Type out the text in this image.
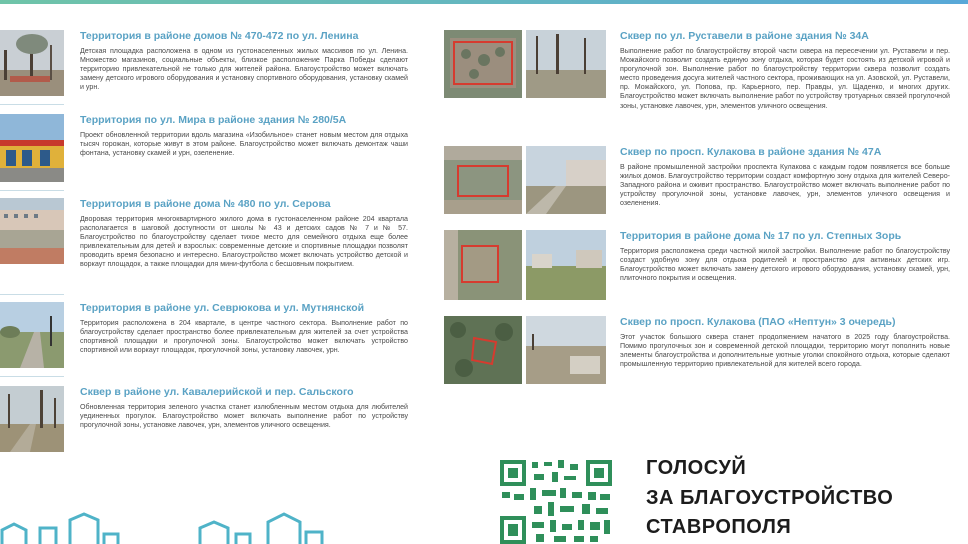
Территория в районе домов № 470-472 по ул. Ленина
Детская площадка расположена в одном из густонаселенных жилых массивов по ул. Ленина. Множество магазинов, социальные объекты, близкое расположение Парка Победы сделают территорию привлекательной не только для жителей района. Благоустройство может включать замену детского игрового оборудования и установку спортивного оборудования, установку скамей и урн.
Территория по ул. Мира в районе здания № 280/5А
Проект обновленной территории вдоль магазина «Изобильное» станет новым местом для отдыха тысяч горожан, которые живут в этом районе. Благоустройство может включать демонтаж чаши фонтана, установку скамей и урн, озеленение.
Территория в районе дома № 480 по ул. Серова
Дворовая территория многоквартирного жилого дома в густонаселенном районе 204 квартала располагается в шаговой доступности от школы № 43 и детских садов № 7 и № 57. Благоустройство по благоустройству сделает тихое место для семейного отдыха еще более привлекательным для детей и взрослых: современные детские и спортивные площадки позволят проводить время безопасно и интересно. Благоустройство может включать устройство детской и воркаут площадок, а также площадки для мини-футбола с бесшовным покрытием.
Территория в районе ул. Севрюкова и ул. Мутнянской
Территория расположена в 204 квартале, в центре частного сектора. Выполнение работ по благоустройству сделает пространство более привлекательным для жителей за счет устройства спортивной площадки и прогулочной зоны. Благоустройство может включать устройство спортивной или воркаут площадок, прогулочной зоны, установку лавочек, урн.
Сквер в районе ул. Кавалерийской и пер. Сальского
Обновленная территория зеленого участка станет излюбленным местом отдыха для любителей уединенных прогулок. Благоустройство может включать выполнение работ по устройству прогулочной зоны, установке лавочек, урн, элементов уличного освещения.
Сквер по ул. Руставели в районе здания № 34А
Выполнение работ по благоустройству второй части сквера на пересечении ул. Руставели и пер. Можайского позволит создать единую зону отдыха, которая будет состоять из детской игровой и прогулочной зон. Выполнение работ по благоустройству территории сквера позволит создать место проведения досуга жителей частного сектора, проживающих на ул. Азовской, ул. Руставели, пр. Можайского, ул. Попова, пр. Карьерного, пер. Правды, ул. Щаденко, и многих других. Благоустройство может включать выполнение работ по устройству тротуарных связей прогулочной зоны, установке лавочек, урн, элементов уличного освещения.
Сквер по просп. Кулакова в районе здания № 47А
В районе промышленной застройки проспекта Кулакова с каждым годом появляется все больше жилых домов. Благоустройство территории создаст комфортную зону отдыха для жителей Северо-Западного района и оживит пространство. Благоустройство может включать выполнение работ по устройству прогулочной зоны, установке лавочек, урн, элементов уличного освещения и озеленения.
Территория в районе дома № 17 по ул. Степных Зорь
Территория расположена среди частной жилой застройки. Выполнение работ по благоустройству создаст удобную зону для отдыха родителей и пространство для активных детских игр. Благоустройство может включать замену детского игрового оборудования, установку скамей, урн, плиточного покрытия и освещения.
Сквер по просп. Кулакова (ПАО «Нептун» 3 очередь)
Этот участок большого сквера станет продолжением начатого в 2025 году благоустройства. Помимо прогулочных зон и современной детской площадки, территорию могут пополнить новые элементы благоустройства и дополнительные уютные уголки спокойного отдыха, которые сделают промышленную территорию привлекательной для жителей всего города.
ГОЛОСУЙ
ЗА БЛАГОУСТРОЙСТВО
СТАВРОПОЛЯ
